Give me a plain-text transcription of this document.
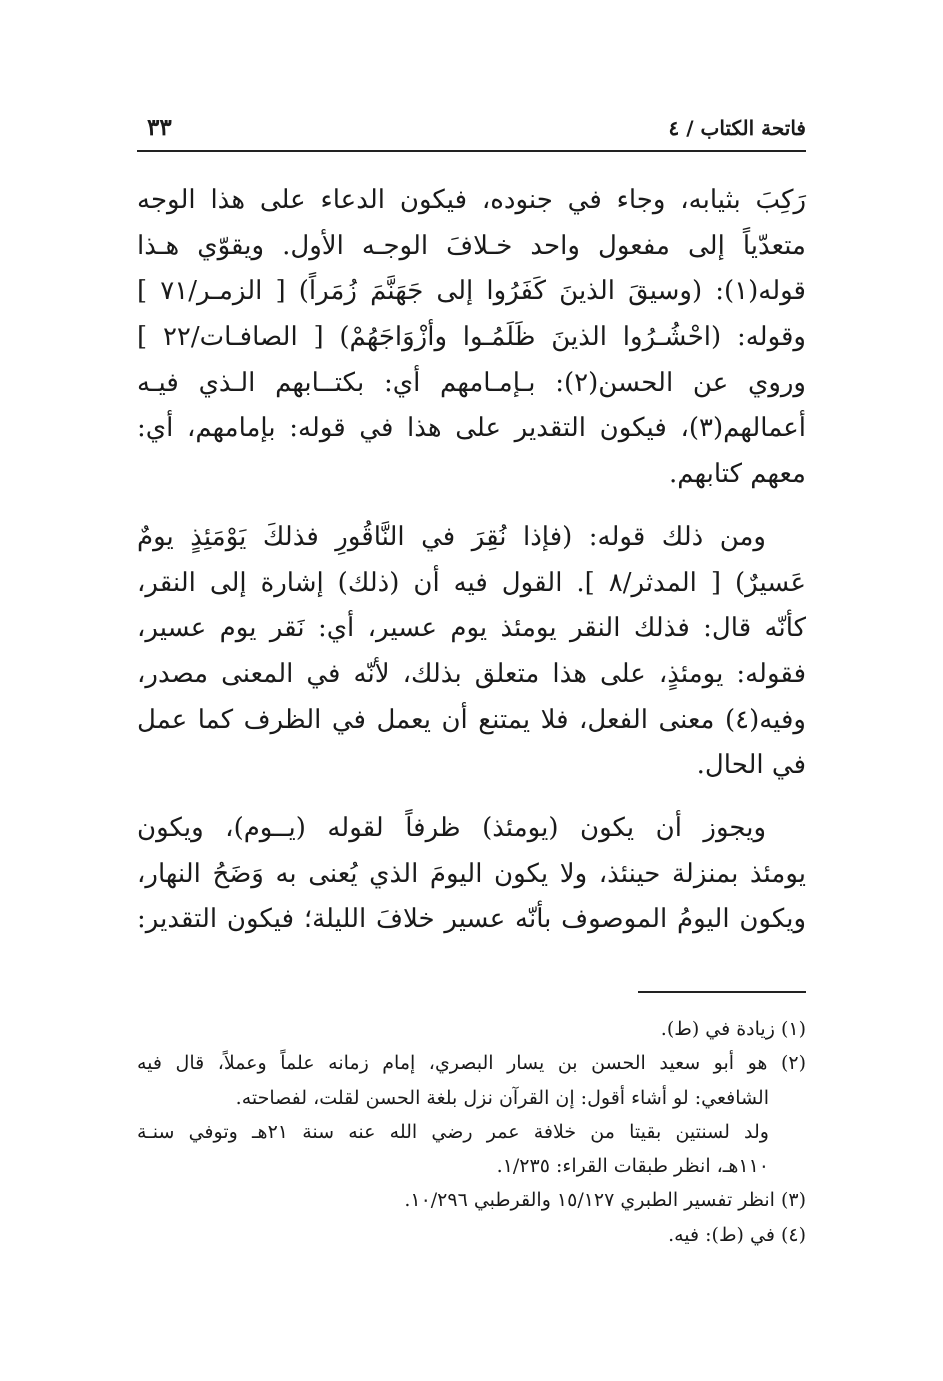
فاتحة الكتاب / ٤
٣٣

رَكِبَ بثيابه، وجاء في جنوده، فيكون الدعاء على هذا الوجه
متعدّياً إلى مفعول واحد خـلافَ الوجـه الأول. ويقوّي هـذا
قوله(١): (وسيقَ الذينَ كَفَرُوا إلى جَهَنَّمَ زُمَراً) [ الزمـر/٧١ ]
وقوله: (احْشُـرُوا الذينَ ظَلَمُـوا وأزْوَاجَهُمْ) [ الصافـات/٢٢ ]
وروي عن الحسن(٢): بـإمـامهم أي: بكتــابهم الـذي فيـه
أعمالهم(٣)، فيكون التقدير على هذا في قوله: بإمامهم، أي:
معهم كتابهم.

ومن ذلك قوله: (فإذا نُقِرَ في النَّاقُورِ فذلكَ يَوْمَئِذٍ يومٌ
عَسيرٌ) [ المدثر/٨ ]. القول فيه أن (ذلك) إشارة إلى النقر،
كأنّه قال: فذلك النقر يومئذ يوم عسير، أي: نَقر يوم عسير،
فقوله: يومئذٍ، على هذا متعلق بذلك، لأنّه في المعنى مصدر،
وفيه(٤) معنى الفعل، فلا يمتنع أن يعمل في الظرف كما عمل
في الحال.

ويجوز أن يكون (يومئذ) ظرفاً لقوله (يــوم)، ويكون
يومئذ بمنزلة حينئذ، ولا يكون اليومَ الذي يُعنى به وَضَحُ النهار،
ويكون اليومُ الموصوف بأنّه عسير خلافَ الليلة؛ فيكون التقدير:

(١) زيادة في (ط).
(٢) هو أبو سعيد الحسن بن يسار البصري، إمام زمانه علماً وعملاً، قال فيه
الشافعي: لو أشاء أقول: إن القرآن نزل بلغة الحسن لقلت، لفصاحته.
ولد لسنتين بقيتا من خلافة عمر رضي الله عنه سنة ٢١هـ وتوفي سنـة
١١٠هـ، انظر طبقات القراء: ١/٢٣٥.
(٣) انظر تفسير الطبري ١٥/١٢٧ والقرطبي ١٠/٢٩٦.
(٤) في (ط): فيه.
